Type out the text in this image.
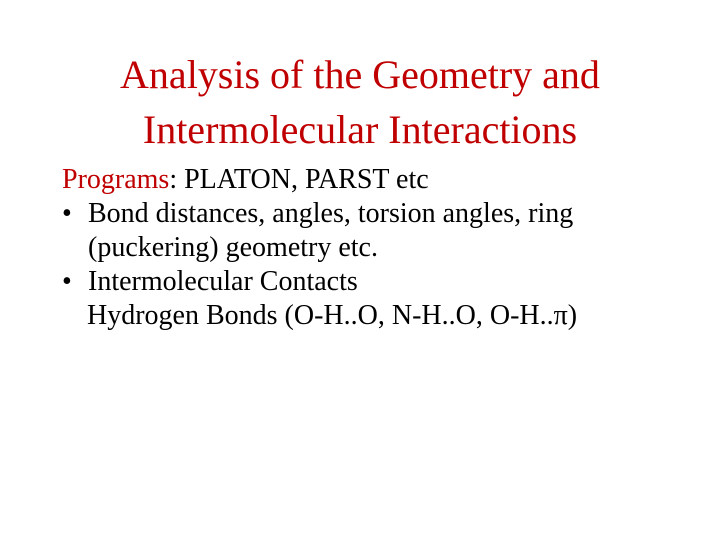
Analysis of the Geometry and
Intermolecular Interactions

Programs: PLATON, PARST etc

• Bond distances, angles, torsion angles, ring
(puckering) geometry etc.
• Intermolecular Contacts

Hydrogen Bonds (O-H..O, N-H..O, O-H..π)
